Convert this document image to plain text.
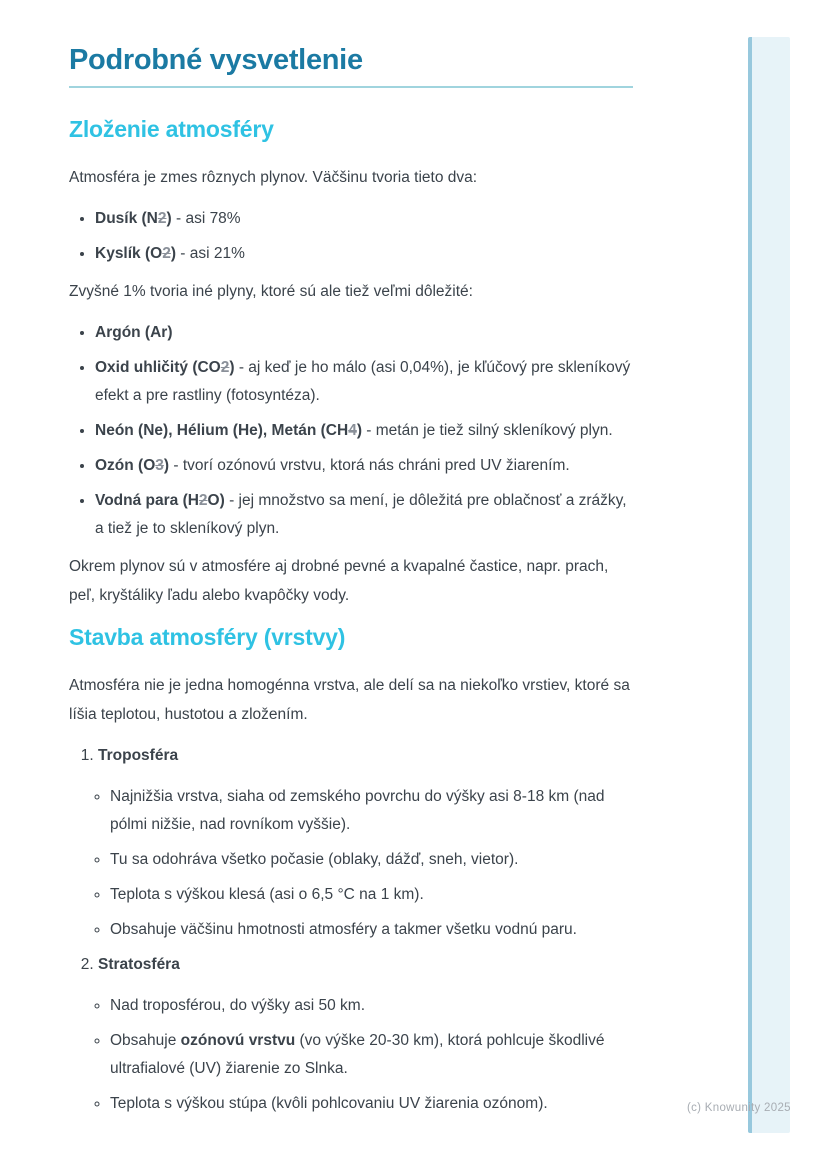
Podrobné vysvetlenie
Zloženie atmosféry

Atmosféra je zmes rôznych plynov. Väčšinu tvoria tieto dva:

• Dusík (N2) - asi 78%
• Kyslík (O2) - asi 21%

Zvyšné 1% tvoria iné plyny, ktoré sú ale tiež veľmi dôležité:

• Argón (Ar)
• Oxid uhličitý (CO2) - aj keď je ho málo (asi 0,04%), je kľúčový pre skleníkový efekt a pre rastliny (fotosyntéza).
• Neón (Ne), Hélium (He), Metán (CH4) - metán je tiež silný skleníkový plyn.
• Ozón (O3) - tvorí ozónovú vrstvu, ktorá nás chráni pred UV žiarením.
• Vodná para (H2O) - jej množstvo sa mení, je dôležitá pre oblačnosť a zrážky, a tiež je to skleníkový plyn.

Okrem plynov sú v atmosfére aj drobné pevné a kvapalné častice, napr. prach, peľ, kryštáliky ľadu alebo kvapôčky vody.

Stavba atmosféry (vrstvy)

Atmosféra nie je jedna homogénna vrstva, ale delí sa na niekoľko vrstiev, ktoré sa líšia teplotou, hustotou a zložením.

1. Troposféra
◦ Najnižšia vrstva, siaha od zemského povrchu do výšky asi 8-18 km (nad pólmi nižšie, nad rovníkom vyššie).
◦ Tu sa odohráva všetko počasie (oblaky, dážď, sneh, vietor).
◦ Teplota s výškou klesá (asi o 6,5 °C na 1 km).
◦ Obsahuje väčšinu hmotnosti atmosféry a takmer všetku vodnú paru.
2. Stratosféra
◦ Nad troposférou, do výšky asi 50 km.
◦ Obsahuje ozónovú vrstvu (vo výške 20-30 km), ktorá pohlcuje škodlivé ultrafialové (UV) žiarenie zo Slnka.
◦ Teplota s výškou stúpa (kvôli pohlcovaniu UV žiarenia ozónom).	(c) Knowunity 2025
